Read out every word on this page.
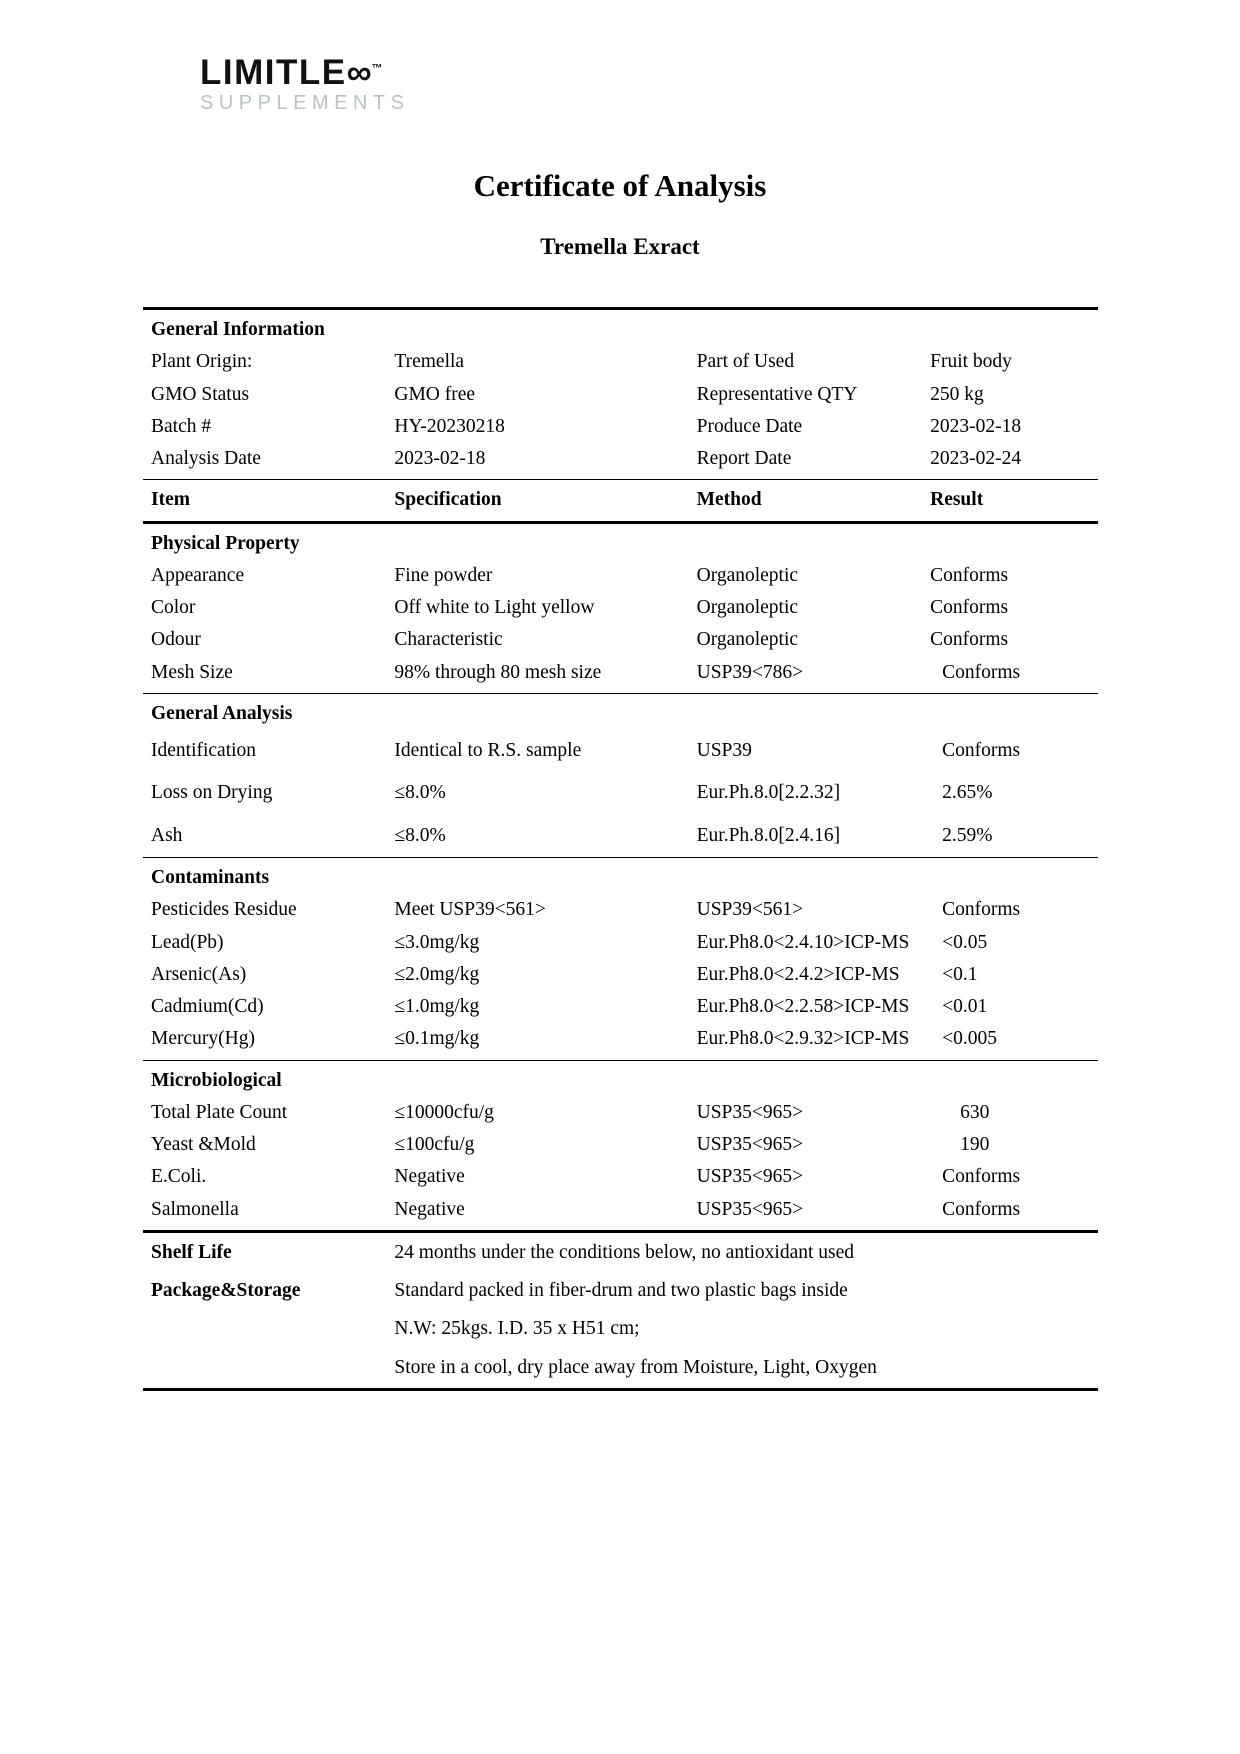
LIMITLE∞™
SUPPLEMENTS
Certificate of Analysis
Tremella Exract
General Information			
Plant Origin:	Tremella	Part of Used	Fruit body
GMO Status	GMO free	Representative QTY	250 kg
Batch #	HY-20230218	Produce Date	2023-02-18
Analysis Date	2023-02-18	Report Date	2023-02-24
Item	Specification	Method	Result
Physical Property			
Appearance	Fine powder	Organoleptic	Conforms
Color	Off white to Light yellow	Organoleptic	Conforms
Odour	Characteristic	Organoleptic	Conforms
Mesh Size	98% through 80 mesh size	USP39<786>	Conforms
General Analysis			
Identification	Identical to R.S. sample	USP39	Conforms
Loss on Drying	≤8.0%	Eur.Ph.8.0[2.2.32]	2.65%
Ash	≤8.0%	Eur.Ph.8.0[2.4.16]	2.59%
Contaminants			
Pesticides Residue	Meet USP39<561>	USP39<561>	Conforms
Lead(Pb)	≤3.0mg/kg	Eur.Ph8.0<2.4.10>ICP-MS	<0.05
Arsenic(As)	≤2.0mg/kg	Eur.Ph8.0<2.4.2>ICP-MS	<0.1
Cadmium(Cd)	≤1.0mg/kg	Eur.Ph8.0<2.2.58>ICP-MS	<0.01
Mercury(Hg)	≤0.1mg/kg	Eur.Ph8.0<2.9.32>ICP-MS	<0.005
Microbiological			
Total Plate Count	≤10000cfu/g	USP35<965>	630
Yeast &Mold	≤100cfu/g	USP35<965>	190
E.Coli.	Negative	USP35<965>	Conforms
Salmonella	Negative	USP35<965>	Conforms
Shelf Life	24 months under the conditions below, no antioxidant used		
Package&Storage	Standard packed in fiber-drum and two plastic bags inside		
	N.W: 25kgs. I.D. 35 x H51 cm;		
	Store in a cool, dry place away from Moisture, Light, Oxygen		
